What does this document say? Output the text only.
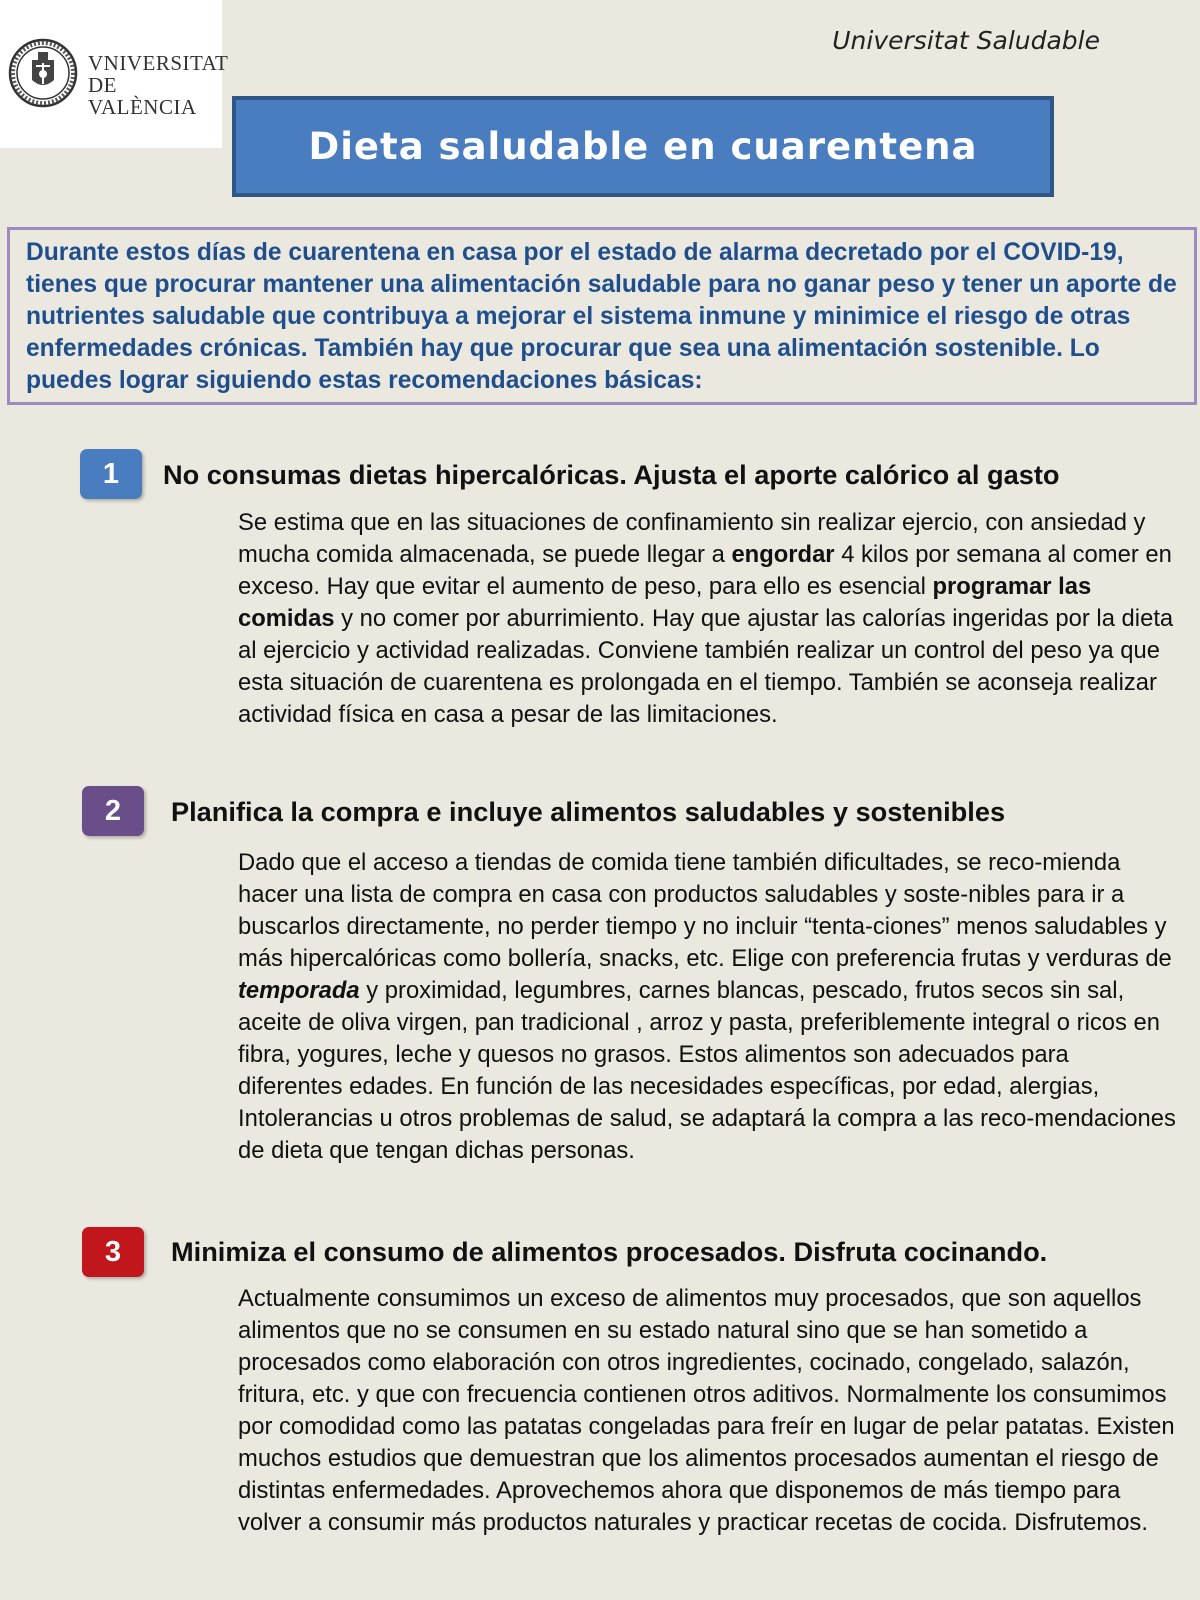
VNIVERSITAT
DE VALÈNCIA
Universitat Saludable
Dieta saludable en cuarentena

Durante estos días de cuarentena en casa por el estado de alarma decretado por el COVID-19, tienes que procurar mantener una alimentación saludable para no ganar peso y tener un aporte de nutrientes saludable que contribuya a mejorar el sistema inmune y minimice el riesgo de otras enfermedades crónicas. También hay que procurar que sea una alimentación sostenible. Lo puedes lograr siguiendo estas recomendaciones básicas:

1	No consumas dietas hipercalóricas. Ajusta el aporte calórico al gasto

Se estima que en las situaciones de confinamiento sin realizar ejercio, con ansiedad y mucha comida almacenada, se puede llegar a engordar 4 kilos por semana al comer en exceso. Hay que evitar el aumento de peso, para ello es esencial programar las comidas y no comer por aburrimiento. Hay que ajustar las calorías ingeridas por la dieta al ejercicio y actividad realizadas. Conviene también realizar un control del peso ya que esta situación de cuarentena es prolongada en el tiempo. También se aconseja realizar actividad física en casa a pesar de las limitaciones.

2	Planifica la compra e incluye alimentos saludables y sostenibles

Dado que el acceso a tiendas de comida tiene también dificultades, se reco-mienda hacer una lista de compra en casa con productos saludables y soste-nibles para ir a buscarlos directamente, no perder tiempo y no incluir “tenta-ciones” menos saludables y más hipercalóricas como bollería, snacks, etc. Elige con preferencia frutas y verduras de temporada y proximidad, legumbres, carnes blancas, pescado, frutos secos sin sal, aceite de oliva virgen, pan tradicional , arroz y pasta, preferiblemente integral o ricos en fibra, yogures, leche y quesos no grasos. Estos alimentos son adecuados para diferentes edades. En función de las necesidades específicas, por edad, alergias, Intolerancias u otros problemas de salud, se adaptará la compra a las reco-mendaciones de dieta que tengan dichas personas.

3	Minimiza el consumo de alimentos procesados. Disfruta cocinando.

Actualmente consumimos un exceso de alimentos muy procesados, que son aquellos alimentos que no se consumen en su estado natural sino que se han sometido a procesados como elaboración con otros ingredientes, cocinado, congelado, salazón, fritura, etc. y que con frecuencia contienen otros aditivos. Normalmente los consumimos por comodidad como las patatas congeladas para freír en lugar de pelar patatas. Existen muchos estudios que demuestran que los alimentos procesados aumentan el riesgo de distintas enfermedades. Aprovechemos ahora que disponemos de más tiempo para volver a consumir más productos naturales y practicar recetas de cocida. Disfrutemos.
